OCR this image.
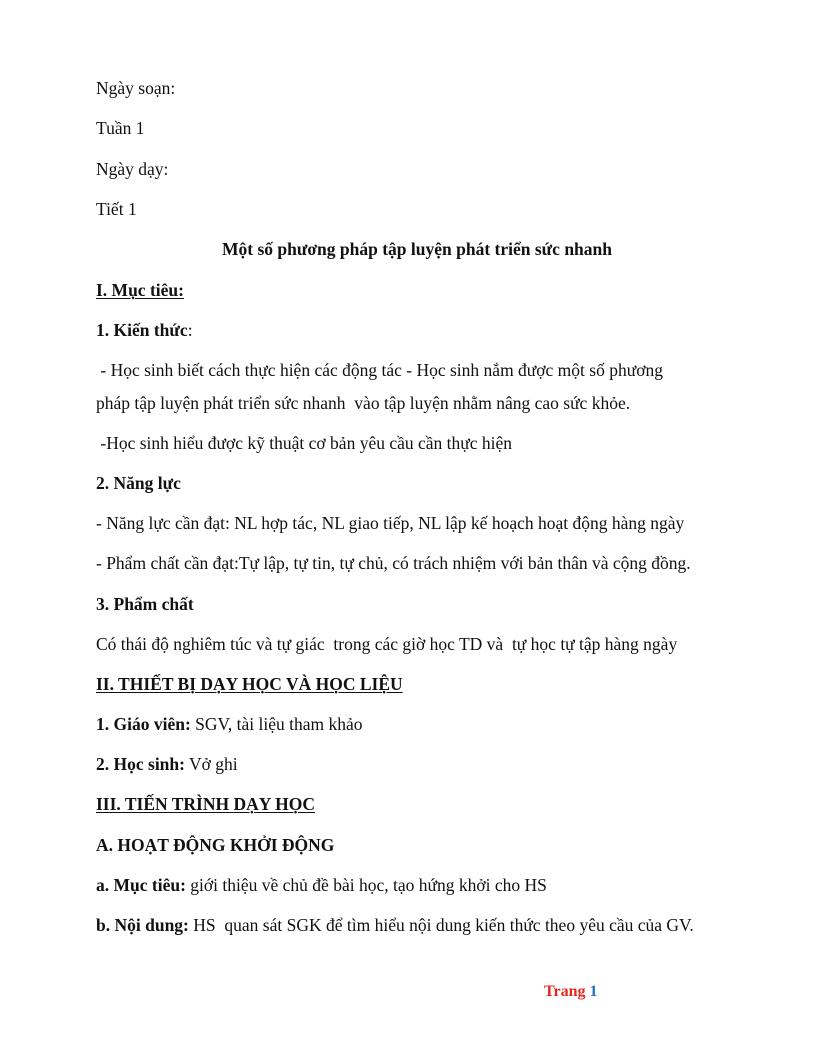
Ngày soạn:
Tuần 1
Ngày dạy:
Tiết 1
Một số phương pháp tập luyện phát triển sức nhanh
I. Mục tiêu:
1. Kiến thức:
- Học sinh biết cách thực hiện các động tác - Học sinh nắm được một số phương
pháp tập luyện phát triển sức nhanh  vào tập luyện nhằm nâng cao sức khỏe.
-Học sinh hiểu được kỹ thuật cơ bản yêu cầu cần thực hiện
2. Năng lực
- Năng lực cần đạt: NL hợp tác, NL giao tiếp, NL lập kế hoạch hoạt động hàng ngày
- Phẩm chất cần đạt:Tự lập, tự tin, tự chủ, có trách nhiệm với bản thân và cộng đồng.
3. Phẩm chất
Có thái độ nghiêm túc và tự giác  trong các giờ học TD và  tự học tự tập hàng ngày
II. THIẾT BỊ DẠY HỌC VÀ HỌC LIỆU
1. Giáo viên: SGV, tài liệu tham khảo
2. Học sinh: Vở ghi
III. TIẾN TRÌNH DẠY HỌC
A. HOẠT ĐỘNG KHỞI ĐỘNG
a. Mục tiêu: giới thiệu về chủ đề bài học, tạo hứng khởi cho HS
b. Nội dung: HS  quan sát SGK để tìm hiểu nội dung kiến thức theo yêu cầu của GV.
Trang 1
